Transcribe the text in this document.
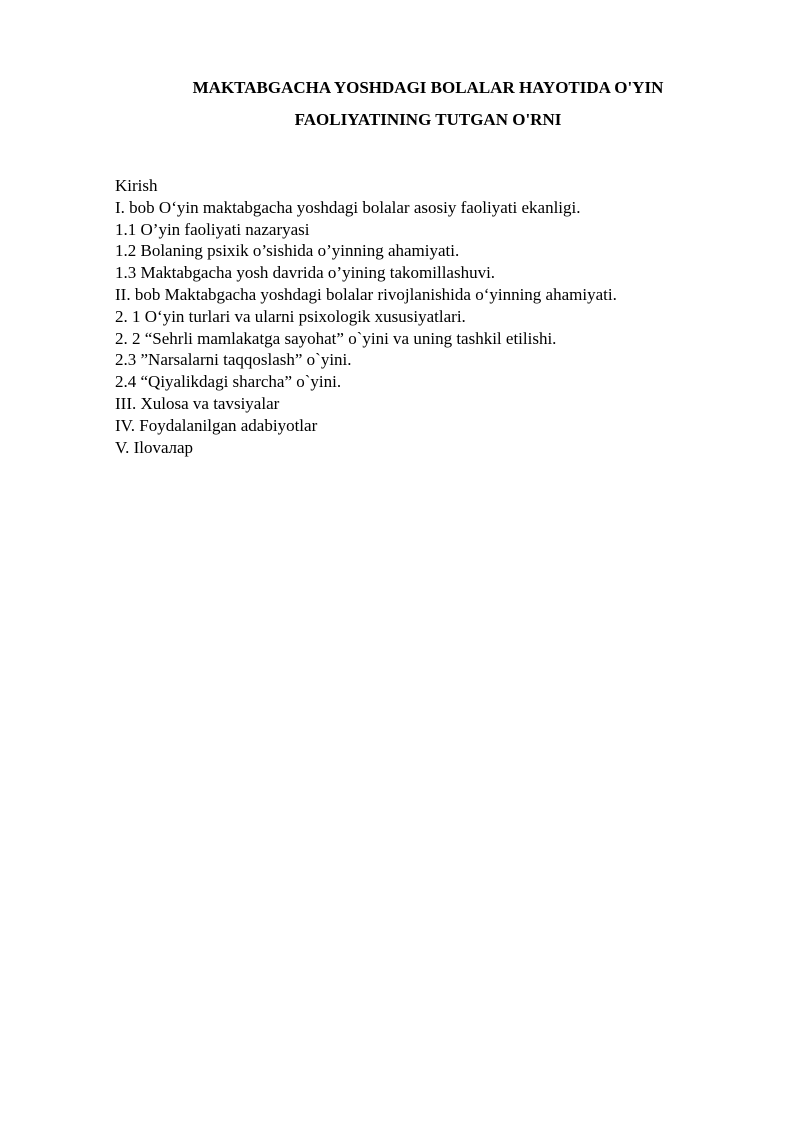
MAKTABGACHA YOSHDAGI BOLALAR HAYOTIDA O'YIN
FAOLIYATINING TUTGAN O'RNI
Kirish
I. bob O‘yin maktabgacha yoshdagi bolalar asosiy faoliyati ekanligi.
1.1 O’yin faoliyati nazaryasi
1.2 Bolaning psixik o’sishida o’yinning ahamiyati.
1.3 Maktabgacha yosh davrida o’yining takomillashuvi.
II. bob Maktabgacha yoshdagi bolalar rivojlanishida o‘yinning ahamiyati.
2. 1 O‘yin turlari va ularni psixologik xususiyatlari.
2. 2 “Sehrli mamlakatga sayohat” o`yini va uning tashkil etilishi.
2.3 ”Narsalarni taqqoslash” o`yini.
2.4 “Qiyalikdagi sharcha” o`yini.
III. Xulosa va tavsiyalar
IV. Foydalanilgan adabiyotlar
V. Ilovaлар
